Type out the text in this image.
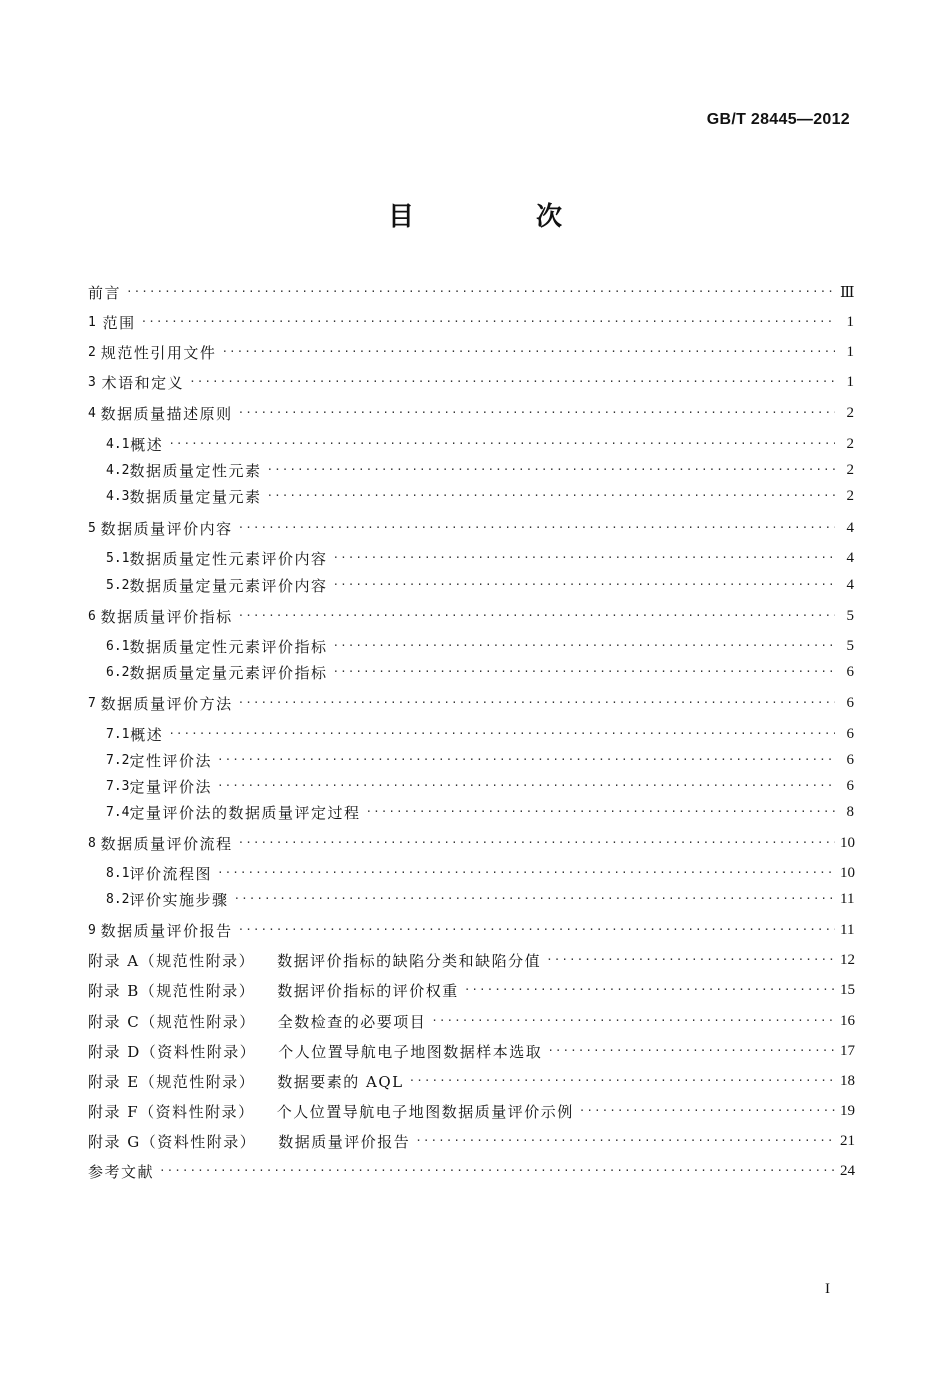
GB/T 28445—2012
目　次
前言 ·····	Ⅲ
1 范围 ·····	1
2 规范性引用文件 ·····	1
3 术语和定义 ·····	1
4 数据质量描述原则 ·····	2
4.1 概述 ·····	2
4.2 数据质量定性元素 ·····	2
4.3 数据质量定量元素 ·····	2
5 数据质量评价内容 ·····	4
5.1 数据质量定性元素评价内容 ·····	4
5.2 数据质量定量元素评价内容 ·····	4
6 数据质量评价指标 ·····	5
6.1 数据质量定性元素评价指标 ·····	5
6.2 数据质量定量元素评价指标 ·····	6
7 数据质量评价方法 ·····	6
7.1 概述 ·····	6
7.2 定性评价法 ·····	6
7.3 定量评价法 ·····	6
7.4 定量评价法的数据质量评定过程 ·····	8
8 数据质量评价流程 ·····	10
8.1 评价流程图 ·····	10
8.2 评价实施步骤 ·····	11
9 数据质量评价报告 ·····	11
附录 A（规范性附录） 数据评价指标的缺陷分类和缺陷分值 ·····	12
附录 B（规范性附录） 数据评价指标的评价权重 ·····	15
附录 C（规范性附录） 全数检查的必要项目 ·····	16
附录 D（资料性附录） 个人位置导航电子地图数据样本选取 ·····	17
附录 E（规范性附录） 数据要素的 AQL ·····	18
附录 F（资料性附录） 个人位置导航电子地图数据质量评价示例 ·····	19
附录 G（资料性附录） 数据质量评价报告 ·····	21
参考文献 ·····	24
I
